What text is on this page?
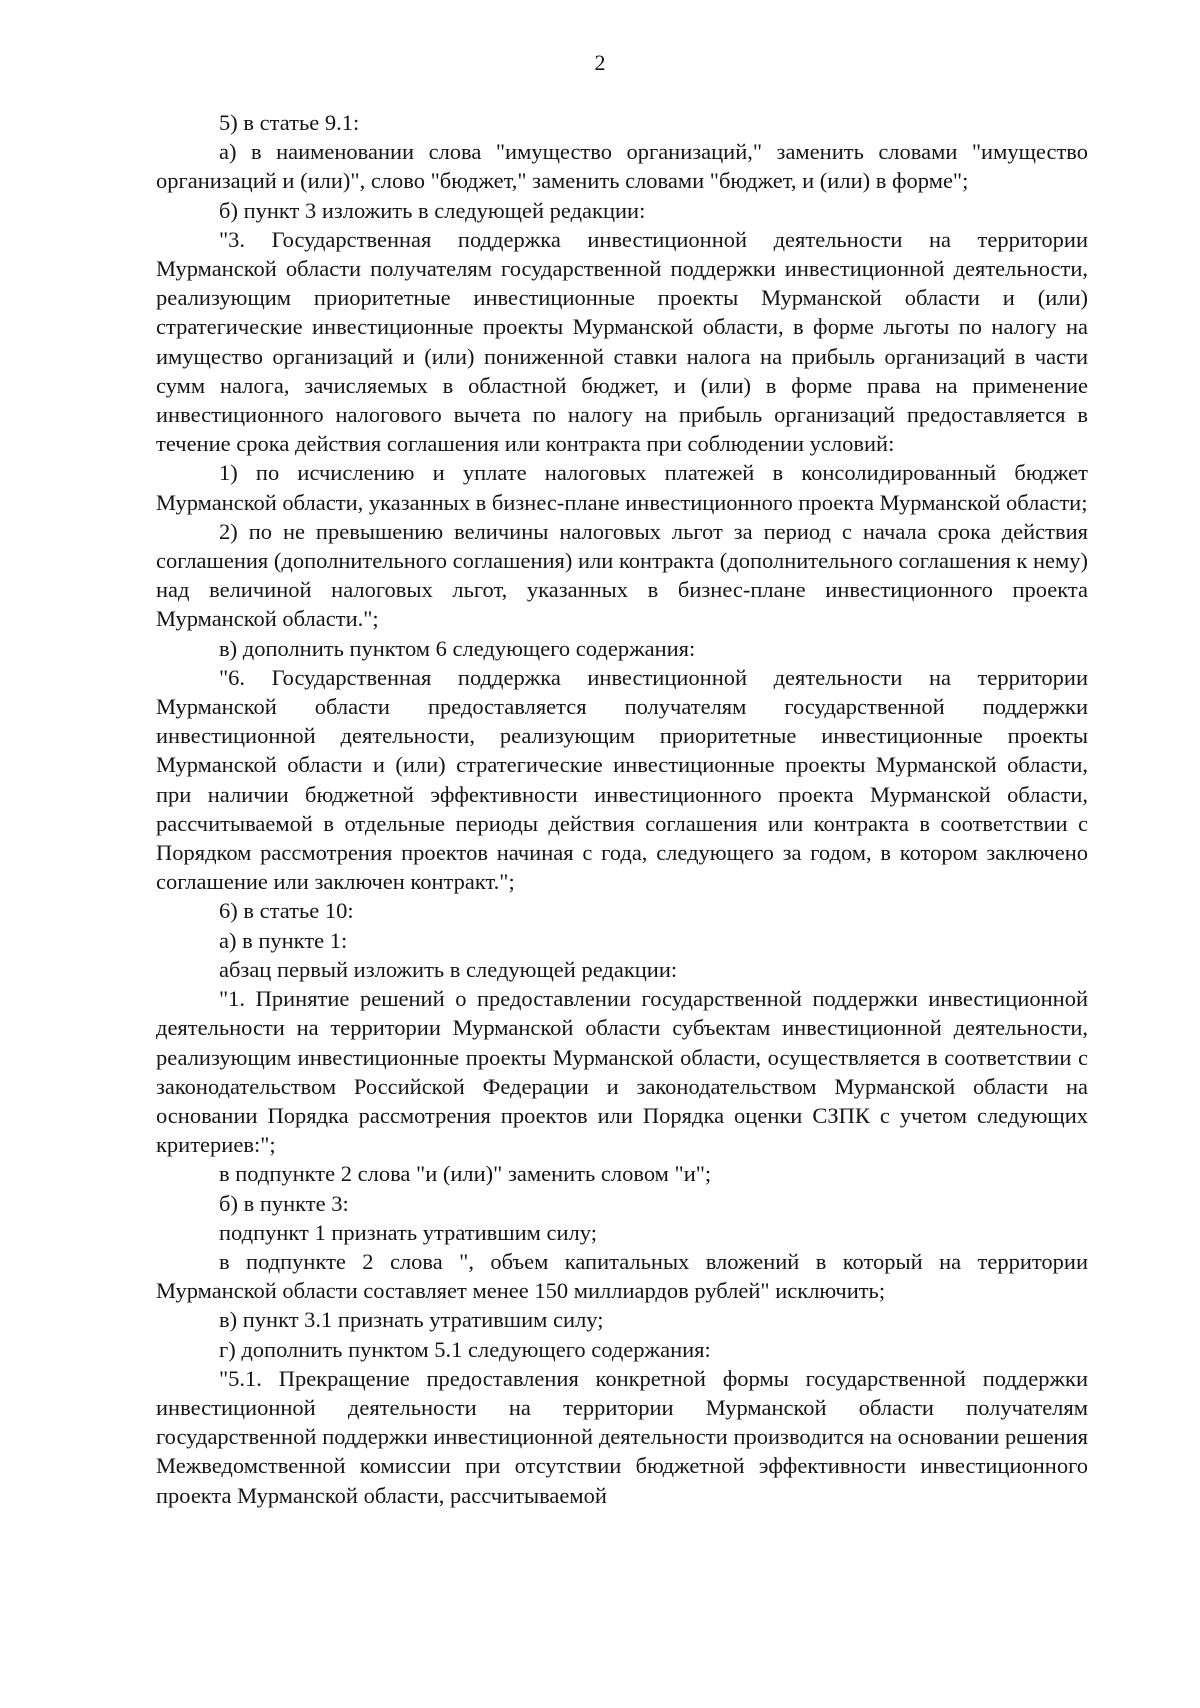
2

5) в статье 9.1:

а) в наименовании слова "имущество организаций," заменить словами "имущество организаций и (или)", слово "бюджет," заменить словами "бюджет, и (или) в форме";

б) пункт 3 изложить в следующей редакции:

"3. Государственная поддержка инвестиционной деятельности на территории Мурманской области получателям государственной поддержки инвестиционной деятельности, реализующим приоритетные инвестиционные проекты Мурманской области и (или) стратегические инвестиционные проекты Мурманской области, в форме льготы по налогу на имущество организаций и (или) пониженной ставки налога на прибыль организаций в части сумм налога, зачисляемых в областной бюджет, и (или) в форме права на применение инвестиционного налогового вычета по налогу на прибыль организаций предоставляется в течение срока действия соглашения или контракта при соблюдении условий:

1) по исчислению и уплате налоговых платежей в консолидированный бюджет Мурманской области, указанных в бизнес-плане инвестиционного проекта Мурманской области;

2) по не превышению величины налоговых льгот за период с начала срока действия соглашения (дополнительного соглашения) или контракта (дополнительного соглашения к нему) над величиной налоговых льгот, указанных в бизнес-плане инвестиционного проекта Мурманской области.";

в) дополнить пунктом 6 следующего содержания:

"6. Государственная поддержка инвестиционной деятельности на территории Мурманской области предоставляется получателям государственной поддержки инвестиционной деятельности, реализующим приоритетные инвестиционные проекты Мурманской области и (или) стратегические инвестиционные проекты Мурманской области, при наличии бюджетной эффективности инвестиционного проекта Мурманской области, рассчитываемой в отдельные периоды действия соглашения или контракта в соответствии с Порядком рассмотрения проектов начиная с года, следующего за годом, в котором заключено соглашение или заключен контракт.";

6) в статье 10:

а) в пункте 1:

абзац первый изложить в следующей редакции:

"1. Принятие решений о предоставлении государственной поддержки инвестиционной деятельности на территории Мурманской области субъектам инвестиционной деятельности, реализующим инвестиционные проекты Мурманской области, осуществляется в соответствии с законодательством Российской Федерации и законодательством Мурманской области на основании Порядка рассмотрения проектов или Порядка оценки СЗПК с учетом следующих критериев:";

в подпункте 2 слова "и (или)" заменить словом "и";

б) в пункте 3:

подпункт 1 признать утратившим силу;

в подпункте 2 слова ", объем капитальных вложений в который на территории Мурманской области составляет менее 150 миллиардов рублей" исключить;

в) пункт 3.1 признать утратившим силу;

г) дополнить пунктом 5.1 следующего содержания:

"5.1. Прекращение предоставления конкретной формы государственной поддержки инвестиционной деятельности на территории Мурманской области получателям государственной поддержки инвестиционной деятельности производится на основании решения Межведомственной комиссии при отсутствии бюджетной эффективности инвестиционного проекта Мурманской области, рассчитываемой
